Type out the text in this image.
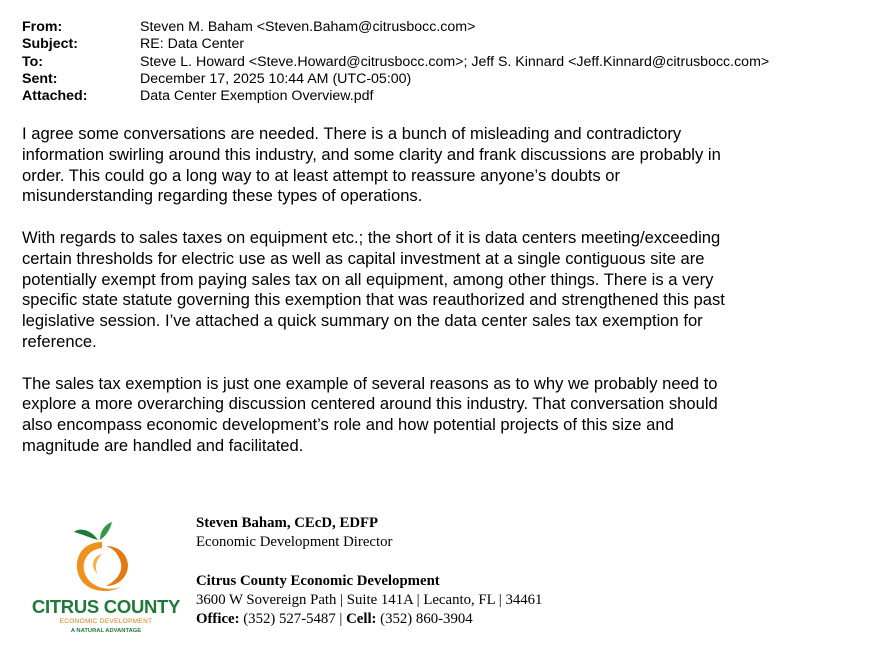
From:	Steven M. Baham <Steven.Baham@citrusbocc.com>
Subject:	RE: Data Center
To:	Steve L. Howard <Steve.Howard@citrusbocc.com>; Jeff S. Kinnard <Jeff.Kinnard@citrusbocc.com>
Sent:	December 17, 2025 10:44 AM (UTC-05:00)
Attached:	Data Center Exemption Overview.pdf

I agree some conversations are needed. There is a bunch of misleading and contradictory
information swirling around this industry, and some clarity and frank discussions are probably in
order. This could go a long way to at least attempt to reassure anyone’s doubts or
misunderstanding regarding these types of operations.

With regards to sales taxes on equipment etc.; the short of it is data centers meeting/exceeding
certain thresholds for electric use as well as capital investment at a single contiguous site are
potentially exempt from paying sales tax on all equipment, among other things. There is a very
specific state statute governing this exemption that was reauthorized and strengthened this past
legislative session. I’ve attached a quick summary on the data center sales tax exemption for
reference.

The sales tax exemption is just one example of several reasons as to why we probably need to
explore a more overarching discussion centered around this industry. That conversation should
also encompass economic development’s role and how potential projects of this size and
magnitude are handled and facilitated.

CITRUS COUNTY
ECONOMIC DEVELOPMENT
A NATURAL ADVANTAGE
Steven Baham, CEcD, EDFP
Economic Development Director
Citrus County Economic Development
3600 W Sovereign Path | Suite 141A | Lecanto, FL | 34461
Office: (352) 527-5487 | Cell: (352) 860-3904
